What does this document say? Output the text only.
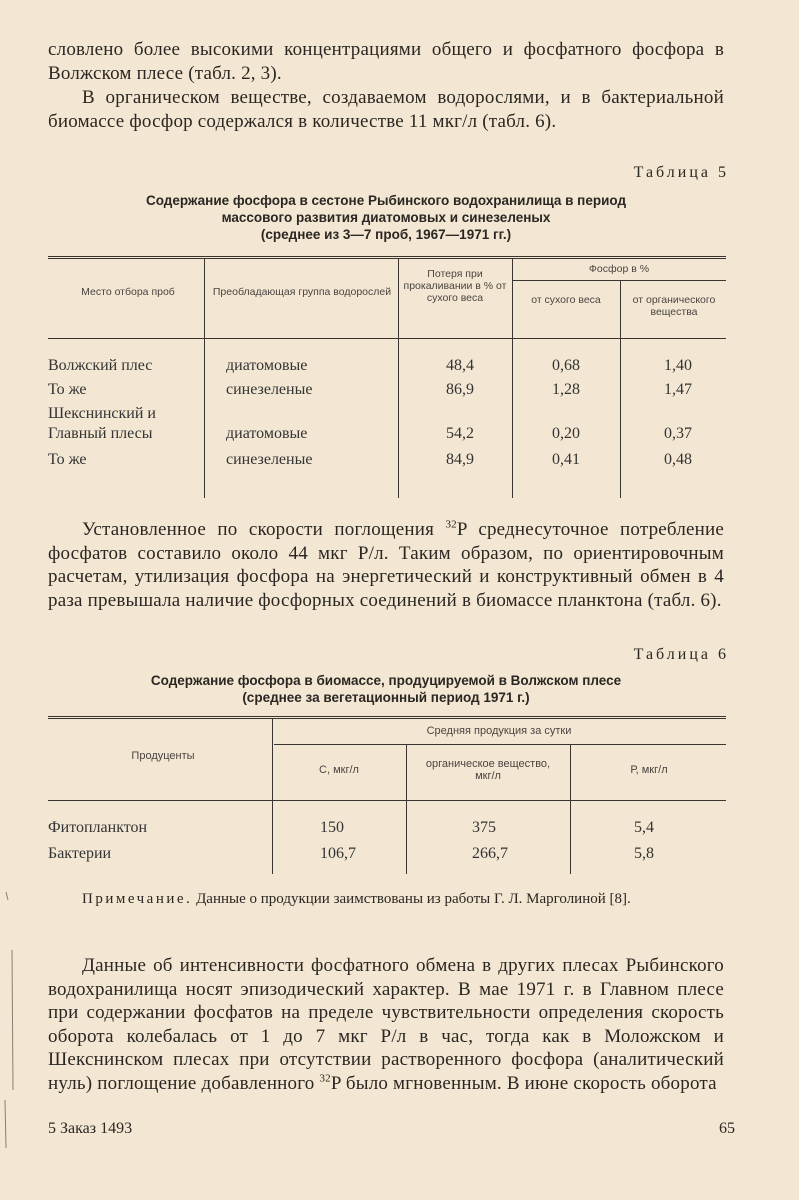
словлено более высокими концентрациями общего и фосфатного фосфора в Волжском плесе (табл. 2, 3).

В органическом веществе, создаваемом водорослями, и в бактериальной биомассе фосфор содержался в количестве 11 мкг/л (табл. 6).

Таблица 5

Содержание фосфора в сестоне Рыбинского водохранилища в период
массового развития диатомовых и синезеленых
(среднее из 3—7 проб, 1967—1971 гг.)

Место отбора проб	Преобладающая группа водорослей
Потеря при прокаливании в % от сухого веса
Фосфор в %
от сухого веса	от органического вещества
Волжский плес	диатомовые	48,4	0,68	1,40
То же	синезеленые	86,9	1,28	1,47
Шекснинский и
Главный плесы	диатомовые	54,2	0,20	0,37
То же	синезеленые	84,9	0,41	0,48

Установленное по скорости поглощения $^{32}$P среднесуточное потребление фосфатов составило около 44 мкг Р/л. Таким образом, по ориентировочным расчетам, утилизация фосфора на энергетический и конструктивный обмен в 4 раза превышала наличие фосфорных соединений в биомассе планктона (табл. 6).

Таблица 6

Содержание фосфора в биомассе, продуцируемой в Волжском плесе
(среднее за вегетационный период 1971 г.)

Продуценты
Средняя продукция за сутки
С, мкг/л	органическое вещество, мкг/л	Р, мкг/л
Фитопланктон	150	375	5,4
Бактерии	106,7	266,7	5,8

Примечание. Данные о продукции заимствованы из работы Г. Л. Марголиной [8].

Данные об интенсивности фосфатного обмена в других плесах Рыбинского водохранилища носят эпизодический характер. В мае 1971 г. в Главном плесе при содержании фосфатов на пределе чувствительности определения скорость оборота колебалась от 1 до 7 мкг Р/л в час, тогда как в Моложском и Шекснинском плесах при отсутствии растворенного фосфора (аналитический нуль) поглощение добавленного $^{32}$P было мгновенным. В июне скорость оборота

5 Заказ 1493	65
